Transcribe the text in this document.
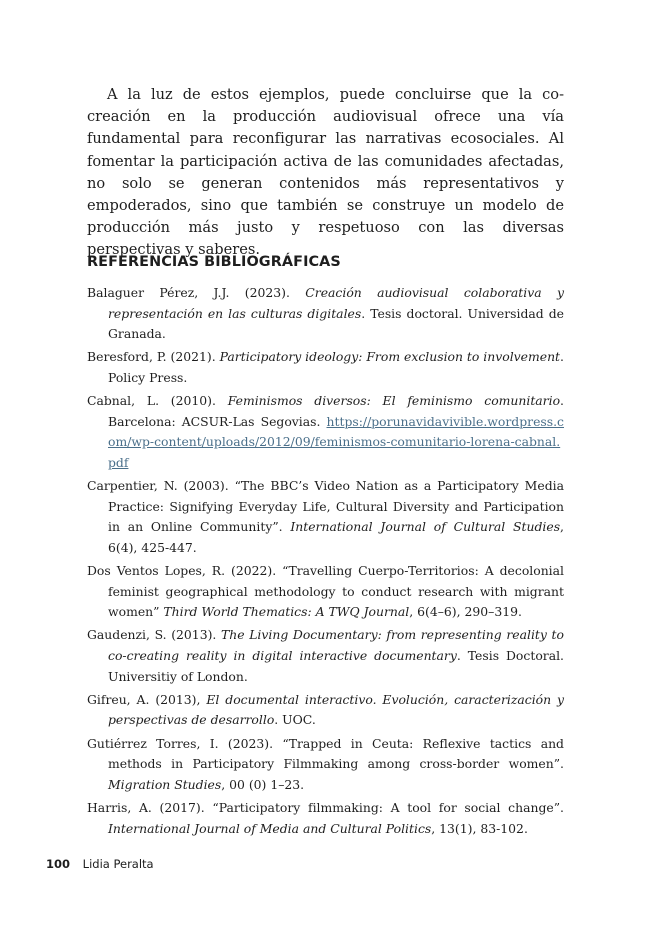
A la luz de estos ejemplos, puede concluirse que la co-creación en la producción audiovisual ofrece una vía fundamental para reconfigurar las narrativas ecosociales. Al fomentar la participación activa de las comunidades afectadas, no solo se generan contenidos más representativos y empoderados, sino que también se construye un modelo de producción más justo y respetuoso con las diversas perspectivas y saberes.

REFERENCIAS BIBLIOGRÁFICAS
Balaguer Pérez, J.J. (2023). Creación audiovisual colaborativa y representación en las culturas digitales. Tesis doctoral. Universidad de Granada.
Beresford, P. (2021). Participatory ideology: From exclusion to involvement. Policy Press.
Cabnal, L. (2010). Feminismos diversos: El feminismo comunitario. Barcelona: ACSUR-Las Segovias. https://porunavidavivible.wordpress.com/wp-content/uploads/2012/09/feminismos-comunitario-lorena-cabnal.pdf
Carpentier, N. (2003). “The BBC’s Video Nation as a Participatory Media Practice: Signifying Everyday Life, Cultural Diversity and Participation in an Online Community”. International Journal of Cultural Studies, 6(4), 425-447.
Dos Ventos Lopes, R. (2022). “Travelling Cuerpo-Territorios: A decolonial feminist geographical methodology to conduct research with migrant women” Third World Thematics: A TWQ Journal, 6(4–6), 290–319.
Gaudenzi, S. (2013). The Living Documentary: from representing reality to co-creating reality in digital interactive documentary. Tesis Doctoral. Universitiy of London.
Gifreu, A. (2013), El documental interactivo. Evolución, caracterización y perspectivas de desarrollo. UOC.
Gutiérrez Torres, I. (2023). “Trapped in Ceuta: Reflexive tactics and methods in Participatory Filmmaking among cross-border women”. Migration Studies, 00 (0) 1–23.
Harris, A. (2017). “Participatory filmmaking: A tool for social change”. International Journal of Media and Cultural Politics, 13(1), 83-102.
100 Lidia Peralta
